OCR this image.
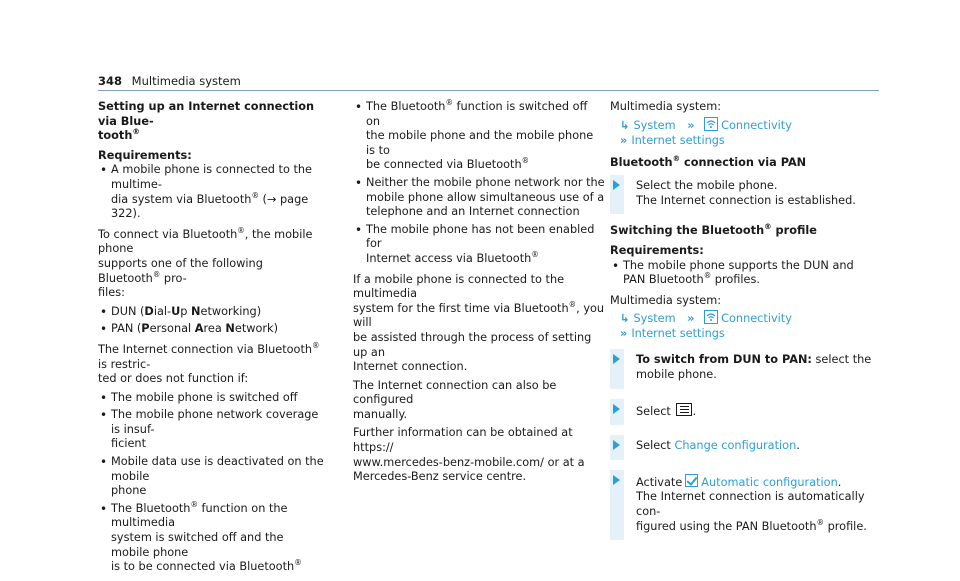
348 Multimedia system
Setting up an Internet connection via Blue-
tooth®
Requirements:
• A mobile phone is connected to the multime-
dia system via Bluetooth® (→ page 322).

To connect via Bluetooth®, the mobile phone
supports one of the following Bluetooth® pro-
files:

• DUN (Dial-Up Networking)
• PAN (Personal Area Network)

The Internet connection via Bluetooth® is restric-
ted or does not function if:

• The mobile phone is switched off
• The mobile phone network coverage is insuf-
ficient
• Mobile data use is deactivated on the mobile
phone
• The Bluetooth® function on the multimedia
system is switched off and the mobile phone
is to be connected via Bluetooth®
• The Bluetooth® function is switched off on
the mobile phone and the mobile phone is to
be connected via Bluetooth®
• Neither the mobile phone network nor the
mobile phone allow simultaneous use of a
telephone and an Internet connection
• The mobile phone has not been enabled for
Internet access via Bluetooth®

If a mobile phone is connected to the multimedia
system for the first time via Bluetooth®, you will
be assisted through the process of setting up an
Internet connection.

The Internet connection can also be configured
manually.

Further information can be obtained at https://
www.mercedes-benz-mobile.com/ or at a
Mercedes-Benz service centre.

Multimedia system:
↳ System » Connectivity
» Internet settings
Bluetooth® connection via PAN
Select the mobile phone.
The Internet connection is established.
Switching the Bluetooth® profile
Requirements:
• The mobile phone supports the DUN and
PAN Bluetooth® profiles.
Multimedia system:
↳ System » Connectivity
» Internet settings
To switch from DUN to PAN: select the
mobile phone.
Select .
Select Change configuration.
Activate Automatic configuration.
The Internet connection is automatically con-
figured using the PAN Bluetooth® profile.
